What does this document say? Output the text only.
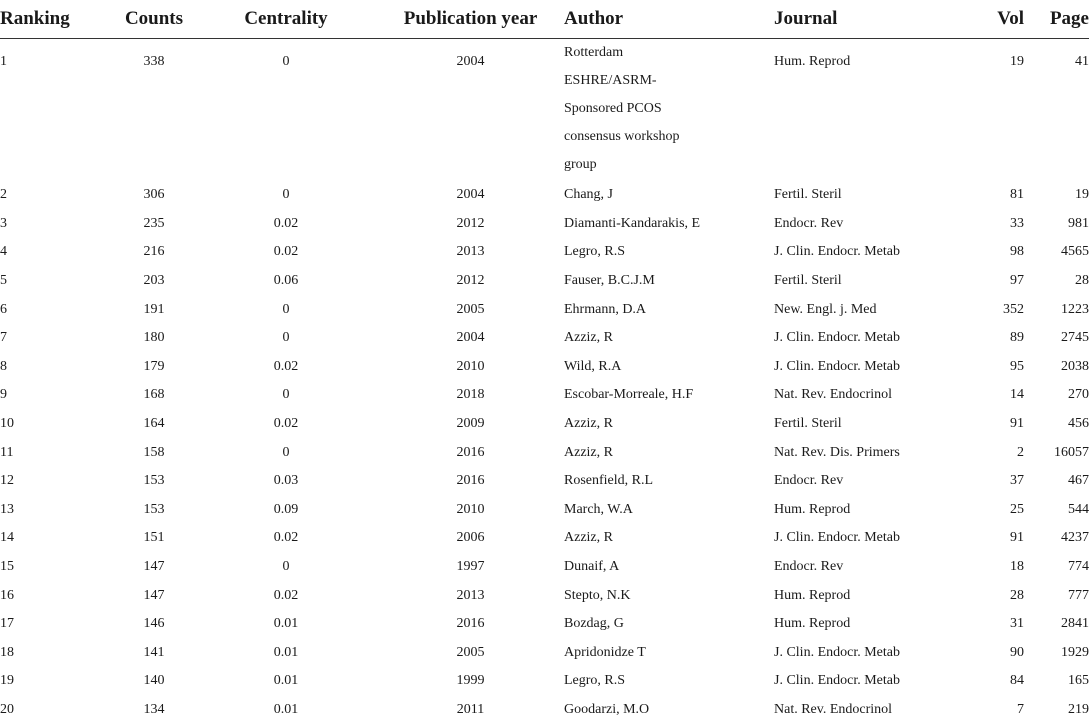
Ranking	Counts	Centrality	Publication year	Author	Journal	Vol	Page
1	338	0	2004	Rotterdam ESHRE/ASRM-Sponsored PCOS consensus workshop group	Hum. Reprod	19	41
2	306	0	2004	Chang, J	Fertil. Steril	81	19
3	235	0.02	2012	Diamanti-Kandarakis, E	Endocr. Rev	33	981
4	216	0.02	2013	Legro, R.S	J. Clin. Endocr. Metab	98	4565
5	203	0.06	2012	Fauser, B.C.J.M	Fertil. Steril	97	28
6	191	0	2005	Ehrmann, D.A	New. Engl. j. Med	352	1223
7	180	0	2004	Azziz, R	J. Clin. Endocr. Metab	89	2745
8	179	0.02	2010	Wild, R.A	J. Clin. Endocr. Metab	95	2038
9	168	0	2018	Escobar-Morreale, H.F	Nat. Rev. Endocrinol	14	270
10	164	0.02	2009	Azziz, R	Fertil. Steril	91	456
11	158	0	2016	Azziz, R	Nat. Rev. Dis. Primers	2	16057
12	153	0.03	2016	Rosenfield, R.L	Endocr. Rev	37	467
13	153	0.09	2010	March, W.A	Hum. Reprod	25	544
14	151	0.02	2006	Azziz, R	J. Clin. Endocr. Metab	91	4237
15	147	0	1997	Dunaif, A	Endocr. Rev	18	774
16	147	0.02	2013	Stepto, N.K	Hum. Reprod	28	777
17	146	0.01	2016	Bozdag, G	Hum. Reprod	31	2841
18	141	0.01	2005	Apridonidze T	J. Clin. Endocr. Metab	90	1929
19	140	0.01	1999	Legro, R.S	J. Clin. Endocr. Metab	84	165
20	134	0.01	2011	Goodarzi, M.O	Nat. Rev. Endocrinol	7	219
